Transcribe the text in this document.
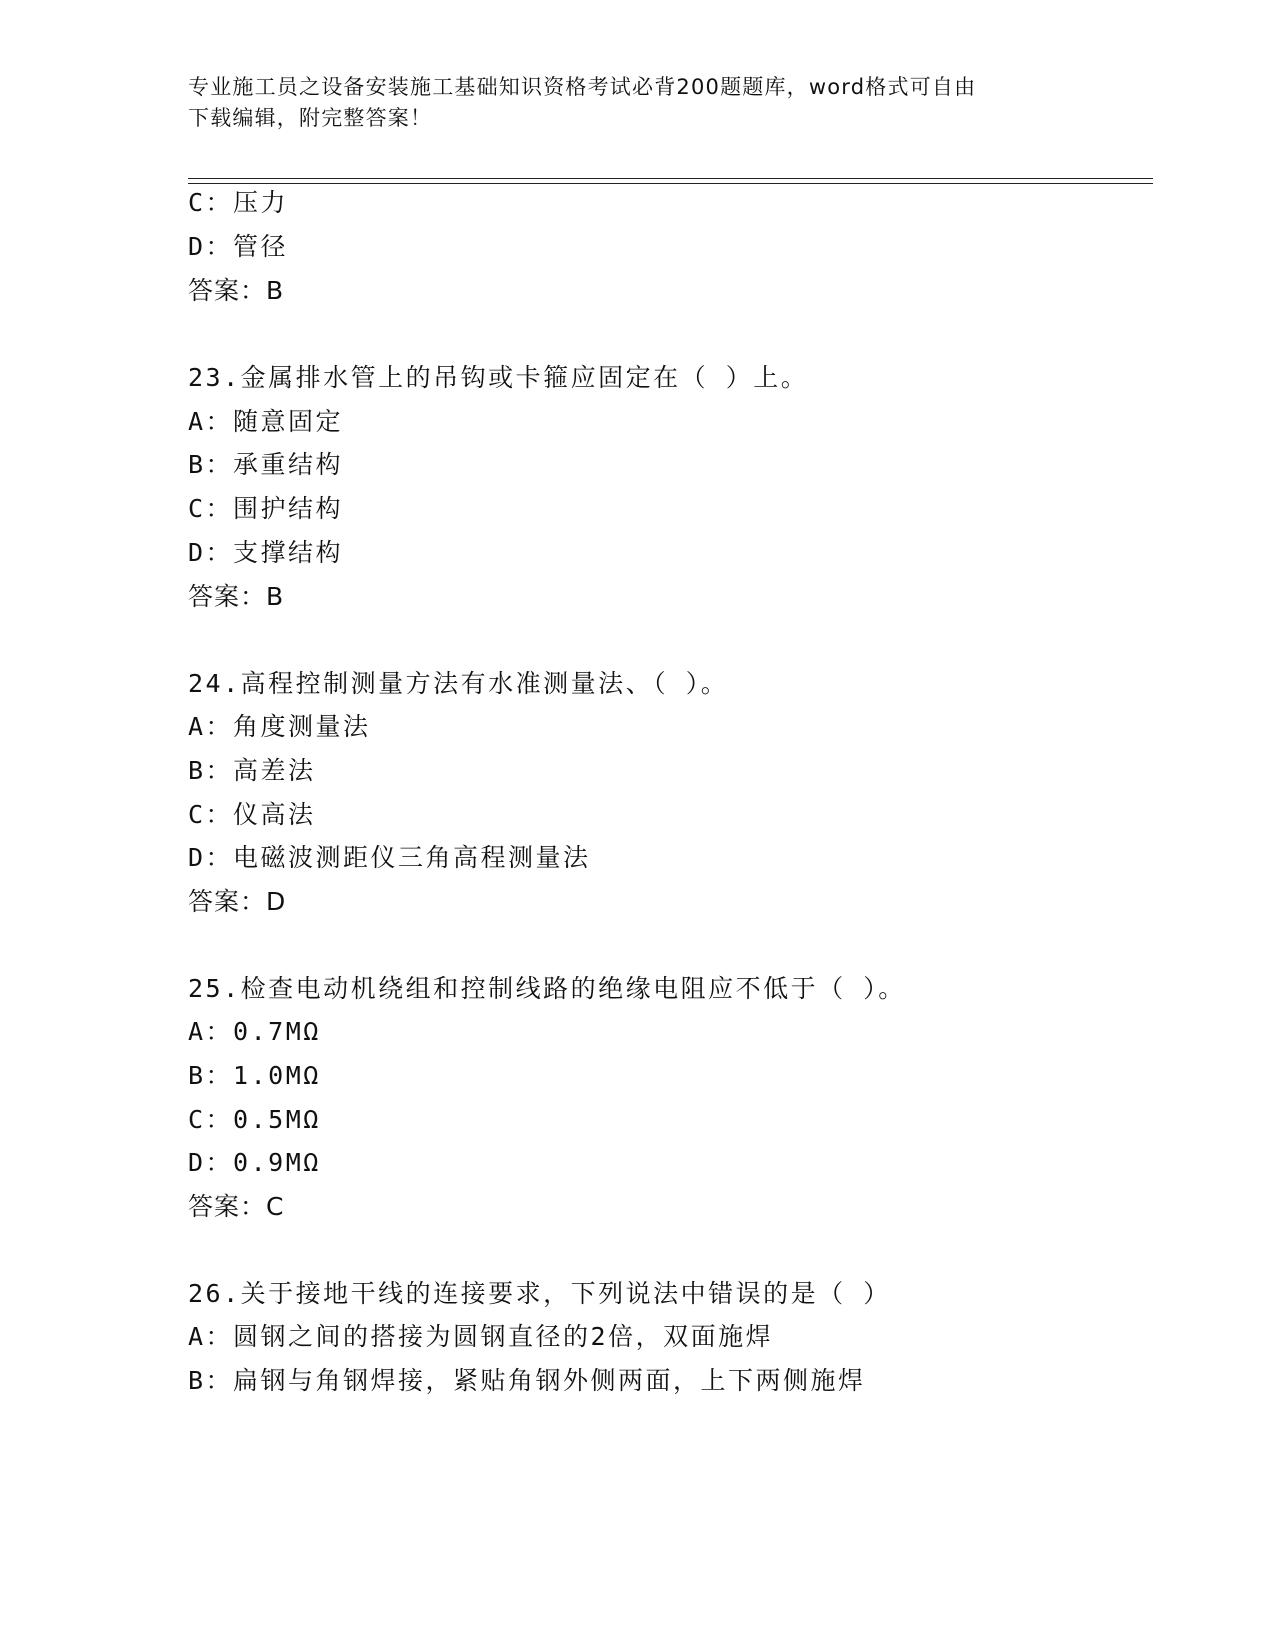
专业施工员之设备安装施工基础知识资格考试必背200题题库，word格式可自由
下载编辑，附完整答案！
C：压力
D：管径
答案：B
23.金属排水管上的吊钩或卡箍应固定在（ ）上。
A：随意固定
B：承重结构
C：围护结构
D：支撑结构
答案：B
24.高程控制测量方法有水准测量法、（ ）。
A：角度测量法
B：高差法
C：仪高法
D：电磁波测距仪三角高程测量法
答案：D
25.检查电动机绕组和控制线路的绝缘电阻应不低于（ ）。
A：0.7MΩ
B：1.0MΩ
C：0.5MΩ
D：0.9MΩ
答案：C
26.关于接地干线的连接要求，下列说法中错误的是（ ）
A：圆钢之间的搭接为圆钢直径的2倍，双面施焊
B：扁钢与角钢焊接，紧贴角钢外侧两面，上下两侧施焊
